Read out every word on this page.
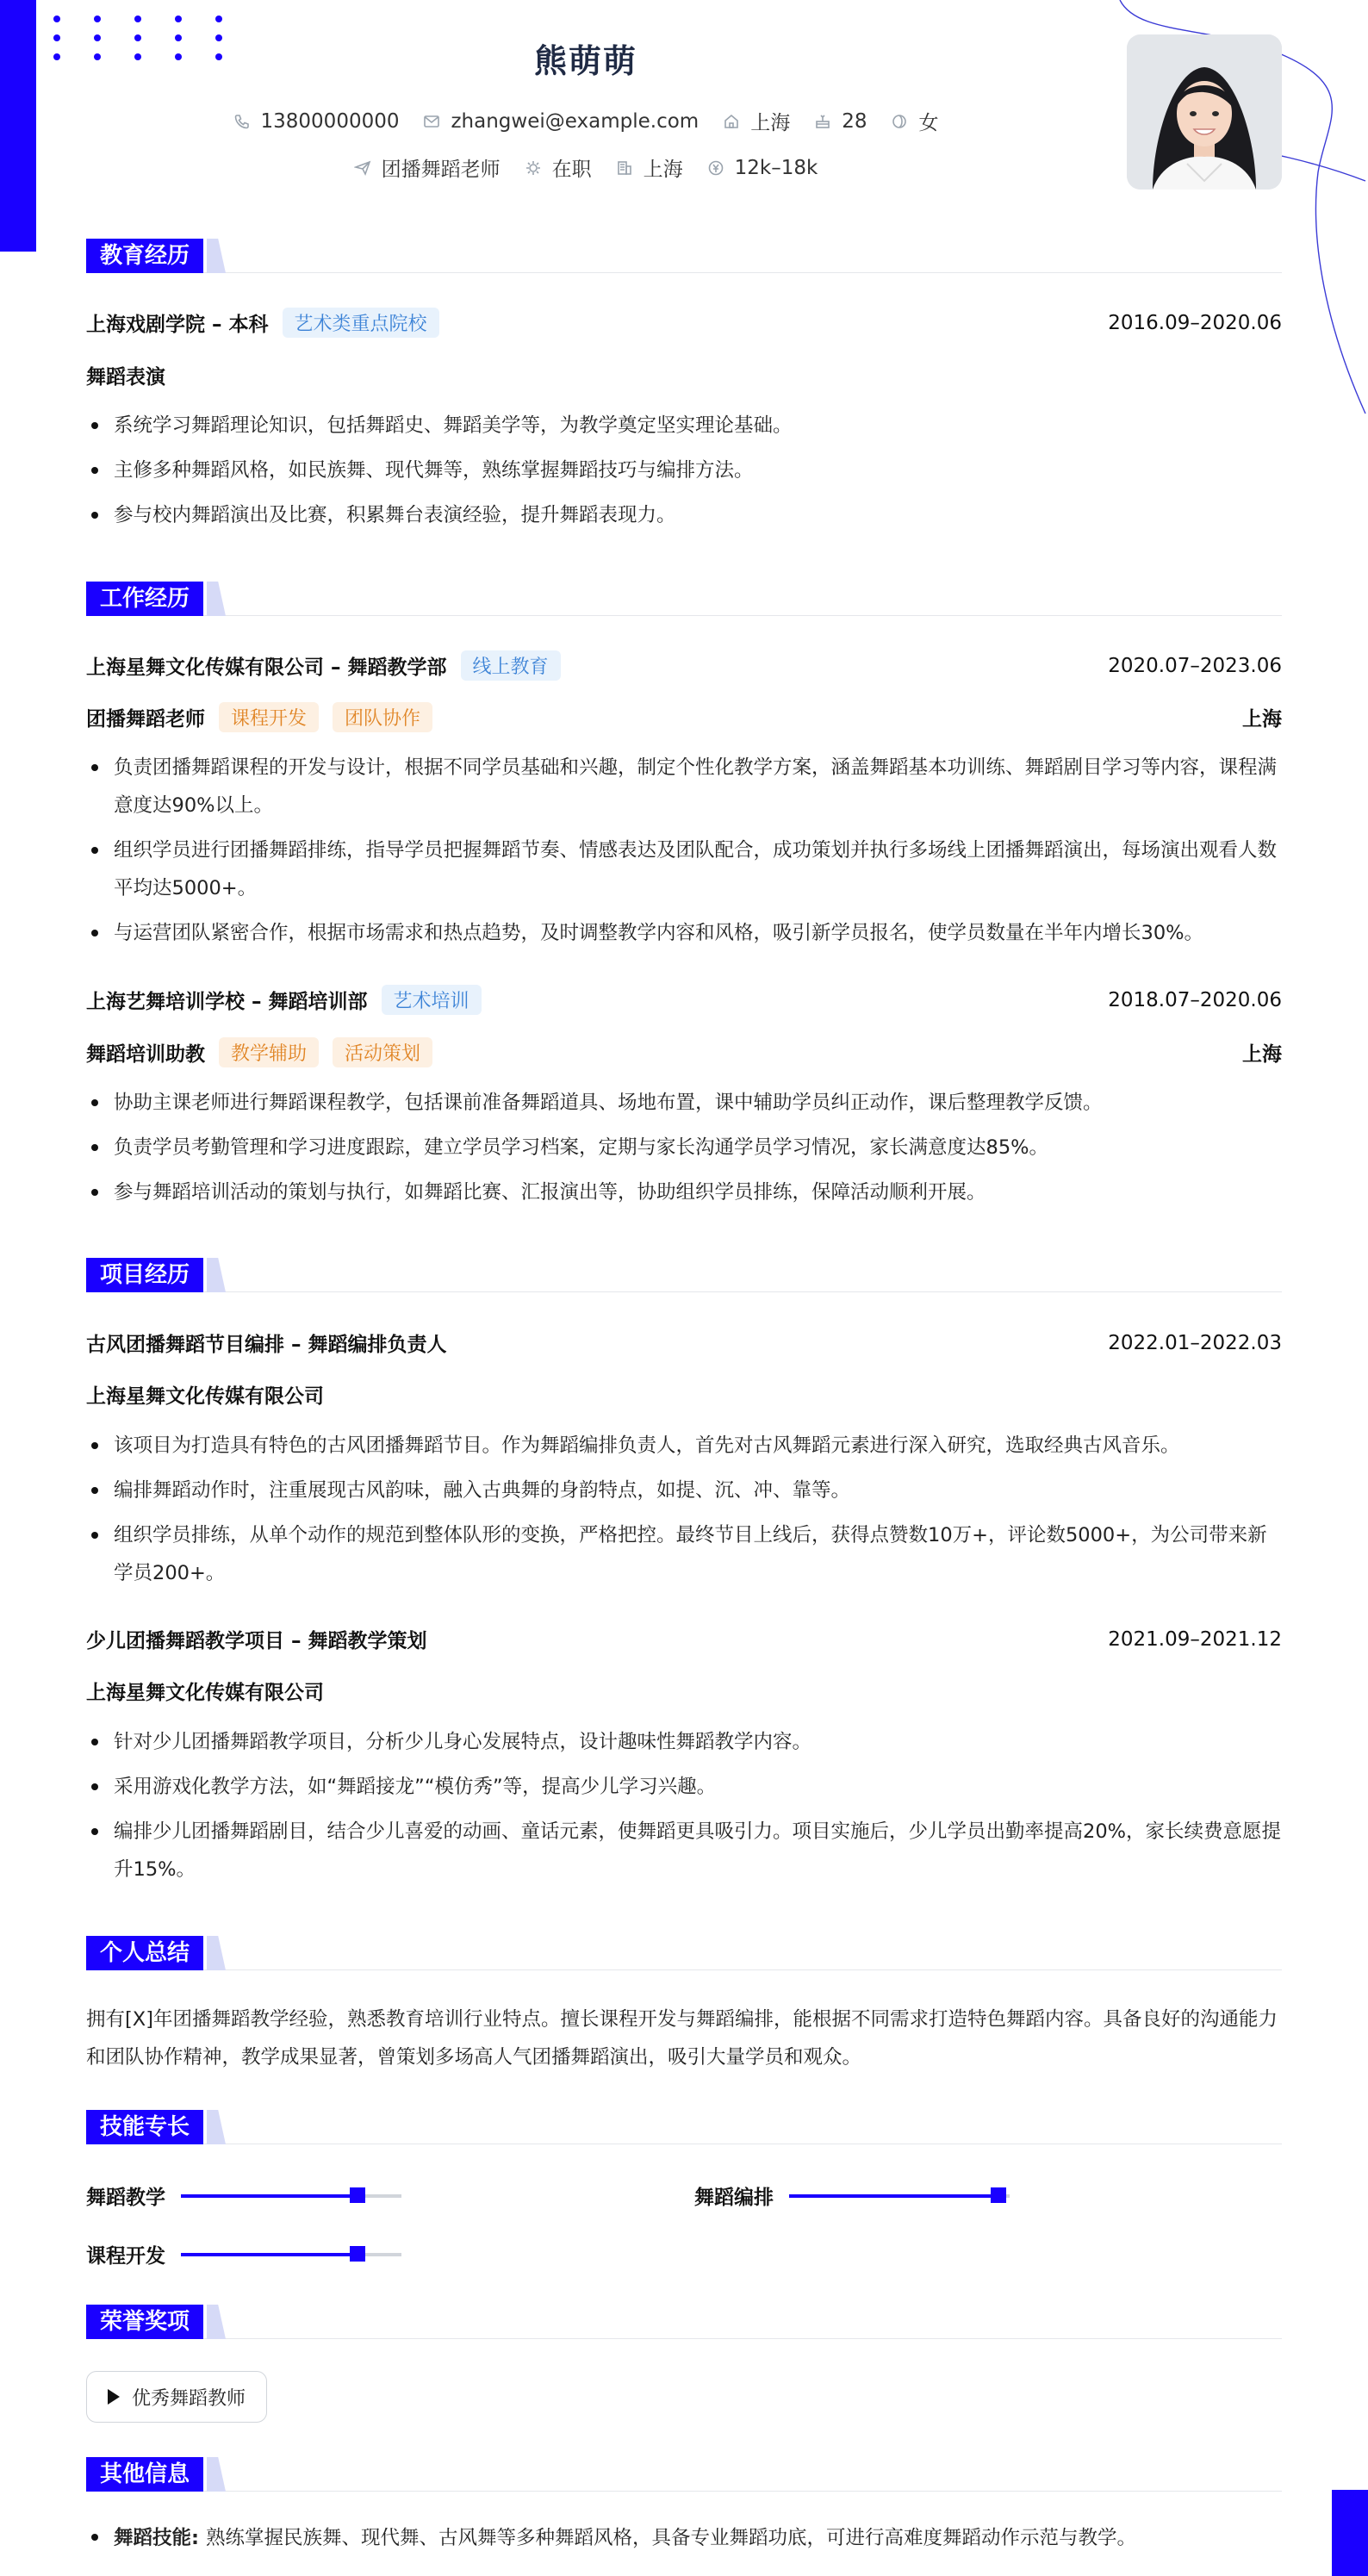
熊萌萌
13800000000	zhangwei@example.com	上海	28	女
团播舞蹈老师	在职	上海	12k–18k
教育经历
上海戏剧学院 – 本科	艺术类重点院校	2016.09–2020.06
舞蹈表演
系统学习舞蹈理论知识，包括舞蹈史、舞蹈美学等，为教学奠定坚实理论基础。
主修多种舞蹈风格，如民族舞、现代舞等，熟练掌握舞蹈技巧与编排方法。
参与校内舞蹈演出及比赛，积累舞台表演经验，提升舞蹈表现力。
工作经历
上海星舞文化传媒有限公司 – 舞蹈教学部	线上教育	2020.07–2023.06
团播舞蹈老师	课程开发	团队协作	上海
负责团播舞蹈课程的开发与设计，根据不同学员基础和兴趣，制定个性化教学方案，涵盖舞蹈基本功训练、舞蹈剧目学习等内容，课程满意度达90%以上。
组织学员进行团播舞蹈排练，指导学员把握舞蹈节奏、情感表达及团队配合，成功策划并执行多场线上团播舞蹈演出，每场演出观看人数平均达5000+。
与运营团队紧密合作，根据市场需求和热点趋势，及时调整教学内容和风格，吸引新学员报名，使学员数量在半年内增长30%。
上海艺舞培训学校 – 舞蹈培训部	艺术培训	2018.07–2020.06
舞蹈培训助教	教学辅助	活动策划	上海
协助主课老师进行舞蹈课程教学，包括课前准备舞蹈道具、场地布置，课中辅助学员纠正动作，课后整理教学反馈。
负责学员考勤管理和学习进度跟踪，建立学员学习档案，定期与家长沟通学员学习情况，家长满意度达85%。
参与舞蹈培训活动的策划与执行，如舞蹈比赛、汇报演出等，协助组织学员排练，保障活动顺利开展。
项目经历
古风团播舞蹈节目编排 – 舞蹈编排负责人	2022.01–2022.03
上海星舞文化传媒有限公司
该项目为打造具有特色的古风团播舞蹈节目。作为舞蹈编排负责人，首先对古风舞蹈元素进行深入研究，选取经典古风音乐。
编排舞蹈动作时，注重展现古风韵味，融入古典舞的身韵特点，如提、沉、冲、靠等。
组织学员排练，从单个动作的规范到整体队形的变换，严格把控。最终节目上线后，获得点赞数10万+，评论数5000+，为公司带来新学员200+。
少儿团播舞蹈教学项目 – 舞蹈教学策划	2021.09–2021.12
上海星舞文化传媒有限公司
针对少儿团播舞蹈教学项目，分析少儿身心发展特点，设计趣味性舞蹈教学内容。
采用游戏化教学方法，如“舞蹈接龙”“模仿秀”等，提高少儿学习兴趣。
编排少儿团播舞蹈剧目，结合少儿喜爱的动画、童话元素，使舞蹈更具吸引力。项目实施后，少儿学员出勤率提高20%，家长续费意愿提升15%。
个人总结
拥有[X]年团播舞蹈教学经验，熟悉教育培训行业特点。擅长课程开发与舞蹈编排，能根据不同需求打造特色舞蹈内容。具备良好的沟通能力和团队协作精神，教学成果显著，曾策划多场高人气团播舞蹈演出，吸引大量学员和观众。
技能专长
舞蹈教学	舞蹈编排
课程开发
荣誉奖项
优秀舞蹈教师
其他信息
舞蹈技能: 熟练掌握民族舞、现代舞、古风舞等多种舞蹈风格，具备专业舞蹈功底，可进行高难度舞蹈动作示范与教学。
